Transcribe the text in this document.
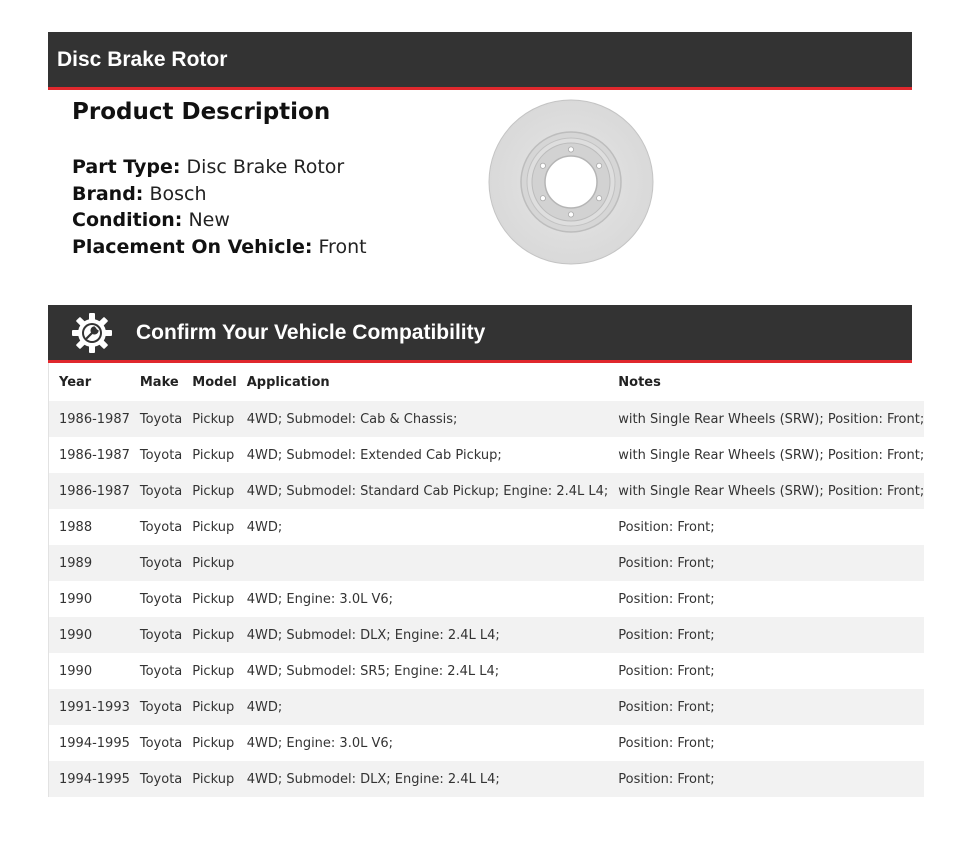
Disc Brake Rotor
Product Description
Part Type: Disc Brake Rotor
Brand: Bosch
Condition: New
Placement On Vehicle: Front
Confirm Your Vehicle Compatibility
Year	Make	Model	Application	Notes
1986-1987	Toyota	Pickup	4WD; Submodel: Cab & Chassis;	with Single Rear Wheels (SRW); Position: Front;
1986-1987	Toyota	Pickup	4WD; Submodel: Extended Cab Pickup;	with Single Rear Wheels (SRW); Position: Front;
1986-1987	Toyota	Pickup	4WD; Submodel: Standard Cab Pickup; Engine: 2.4L L4;	with Single Rear Wheels (SRW); Position: Front;
1988	Toyota	Pickup	4WD;	Position: Front;
1989	Toyota	Pickup		Position: Front;
1990	Toyota	Pickup	4WD; Engine: 3.0L V6;	Position: Front;
1990	Toyota	Pickup	4WD; Submodel: DLX; Engine: 2.4L L4;	Position: Front;
1990	Toyota	Pickup	4WD; Submodel: SR5; Engine: 2.4L L4;	Position: Front;
1991-1993	Toyota	Pickup	4WD;	Position: Front;
1994-1995	Toyota	Pickup	4WD; Engine: 3.0L V6;	Position: Front;
1994-1995	Toyota	Pickup	4WD; Submodel: DLX; Engine: 2.4L L4;	Position: Front;
